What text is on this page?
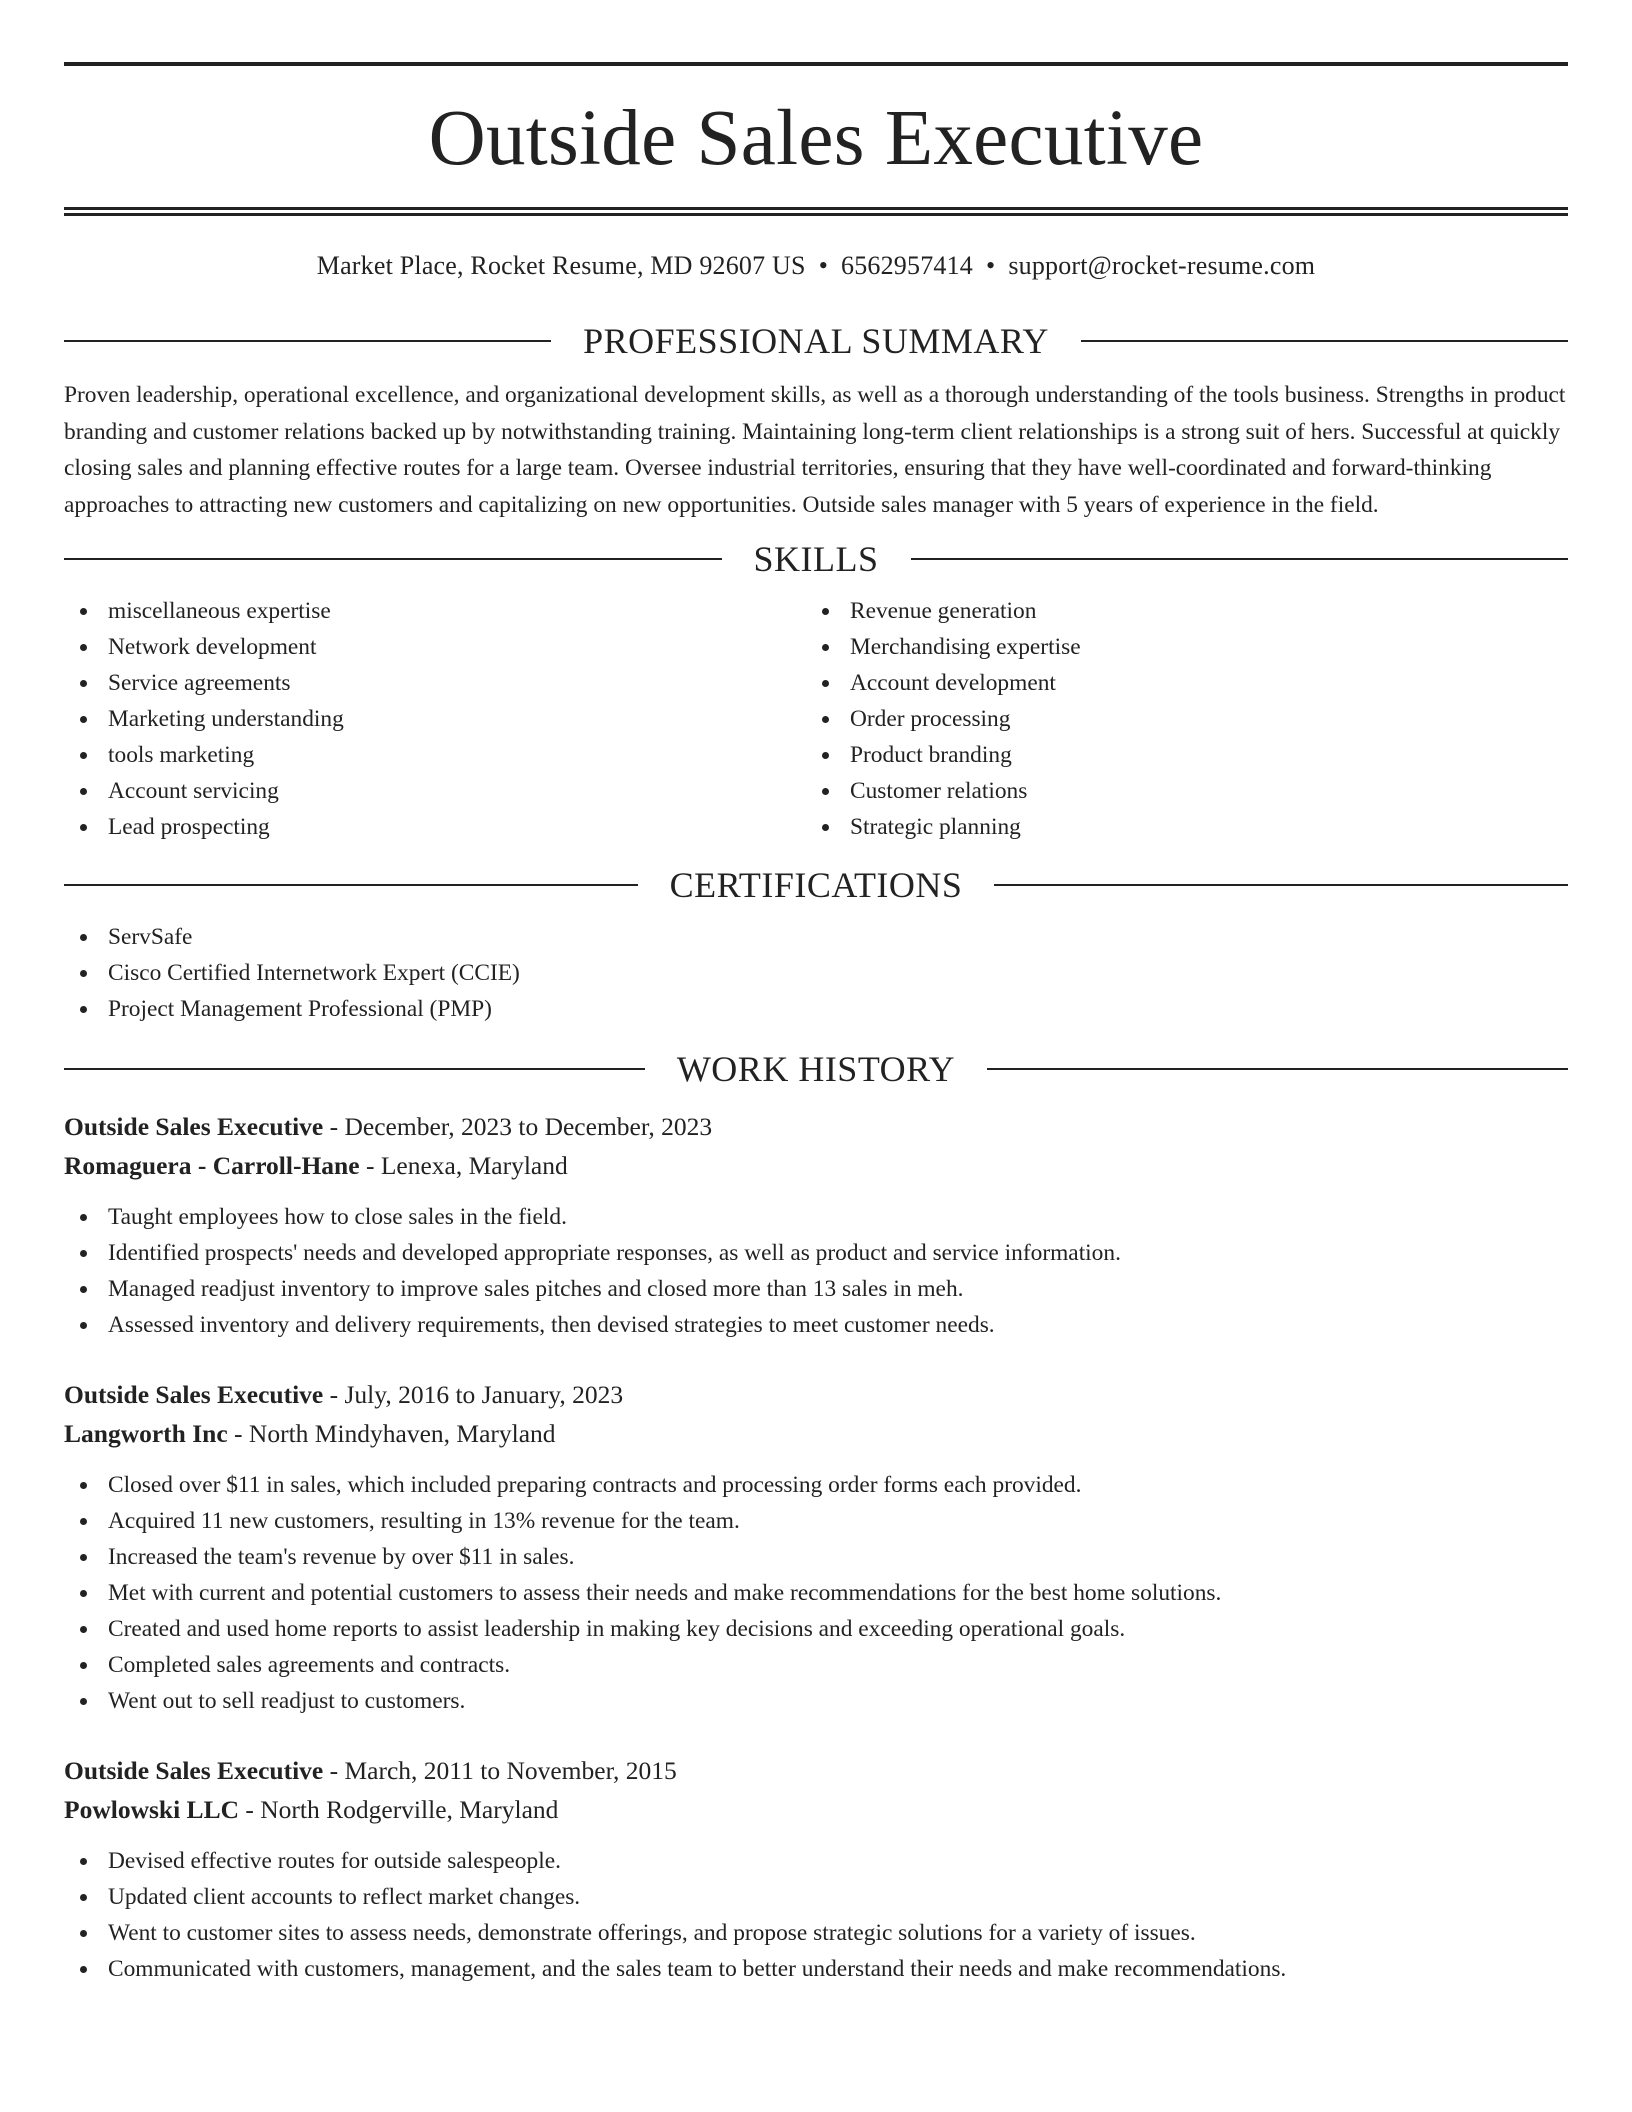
Outside Sales Executive
Market Place, Rocket Resume, MD 92607 US • 6562957414 • support@rocket-resume.com
PROFESSIONAL SUMMARY

Proven leadership, operational excellence, and organizational development skills, as well as a thorough understanding of the tools business. Strengths in product branding and customer relations backed up by notwithstanding training. Maintaining long-term client relationships is a strong suit of hers. Successful at quickly closing sales and planning effective routes for a large team. Oversee industrial territories, ensuring that they have well-coordinated and forward-thinking approaches to attracting new customers and capitalizing on new opportunities. Outside sales manager with 5 years of experience in the field.

SKILLS
miscellaneous expertise
Network development
Service agreements
Marketing understanding
tools marketing
Account servicing
Lead prospecting
Revenue generation
Merchandising expertise
Account development
Order processing
Product branding
Customer relations
Strategic planning
CERTIFICATIONS
ServSafe
Cisco Certified Internetwork Expert (CCIE)
Project Management Professional (PMP)
WORK HISTORY
Outside Sales Executive - December, 2023 to December, 2023
Romaguera - Carroll-Hane - Lenexa, Maryland
Taught employees how to close sales in the field.
Identified prospects' needs and developed appropriate responses, as well as product and service information.
Managed readjust inventory to improve sales pitches and closed more than 13 sales in meh.
Assessed inventory and delivery requirements, then devised strategies to meet customer needs.
Outside Sales Executive - July, 2016 to January, 2023
Langworth Inc - North Mindyhaven, Maryland
Closed over $11 in sales, which included preparing contracts and processing order forms each provided.
Acquired 11 new customers, resulting in 13% revenue for the team.
Increased the team's revenue by over $11 in sales.
Met with current and potential customers to assess their needs and make recommendations for the best home solutions.
Created and used home reports to assist leadership in making key decisions and exceeding operational goals.
Completed sales agreements and contracts.
Went out to sell readjust to customers.
Outside Sales Executive - March, 2011 to November, 2015
Powlowski LLC - North Rodgerville, Maryland
Devised effective routes for outside salespeople.
Updated client accounts to reflect market changes.
Went to customer sites to assess needs, demonstrate offerings, and propose strategic solutions for a variety of issues.
Communicated with customers, management, and the sales team to better understand their needs and make recommendations.
